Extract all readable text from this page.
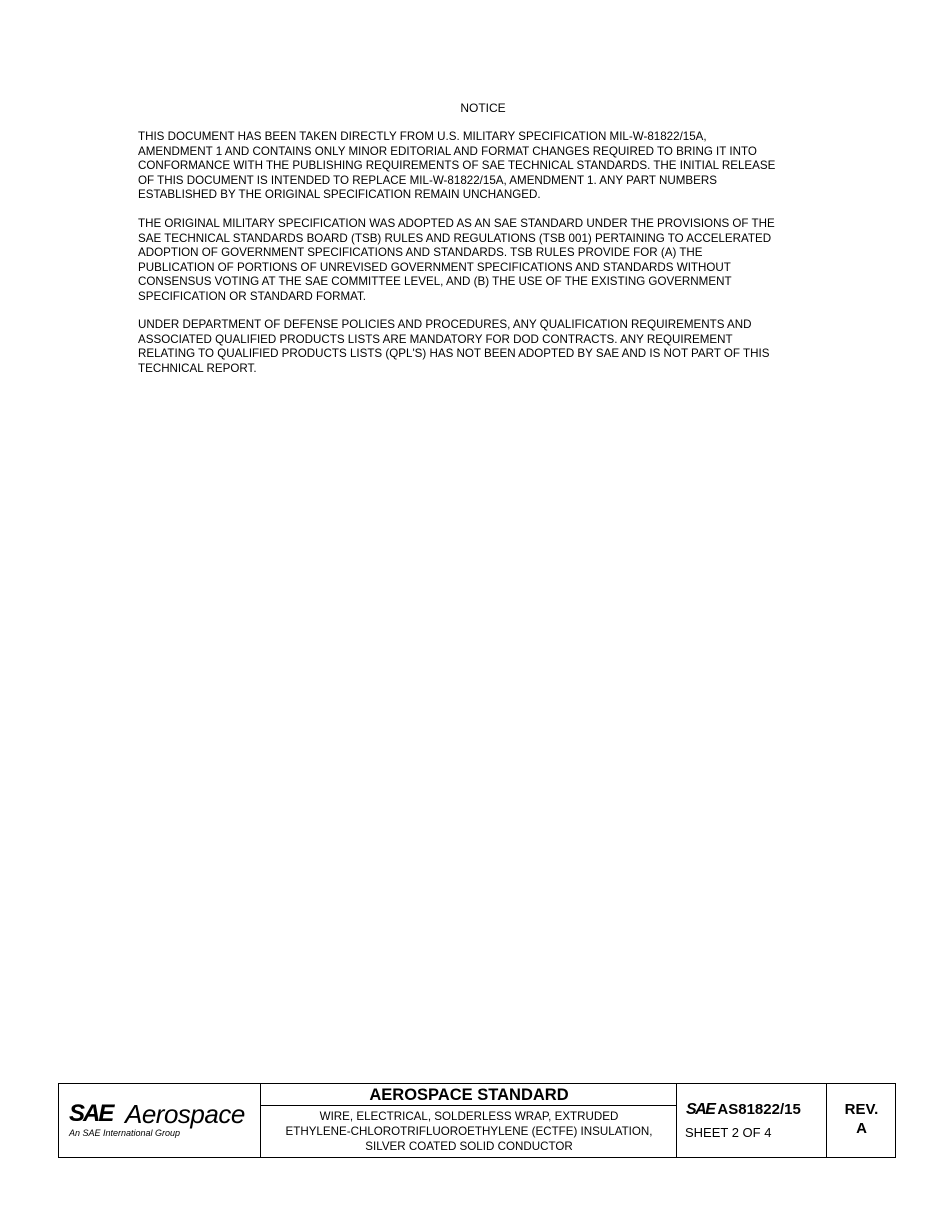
NOTICE

THIS DOCUMENT HAS BEEN TAKEN DIRECTLY FROM U.S. MILITARY SPECIFICATION MIL-W-81822/15A,
AMENDMENT 1 AND CONTAINS ONLY MINOR EDITORIAL AND FORMAT CHANGES REQUIRED TO BRING IT INTO
CONFORMANCE WITH THE PUBLISHING REQUIREMENTS OF SAE TECHNICAL STANDARDS. THE INITIAL RELEASE
OF THIS DOCUMENT IS INTENDED TO REPLACE MIL-W-81822/15A, AMENDMENT 1. ANY PART NUMBERS
ESTABLISHED BY THE ORIGINAL SPECIFICATION REMAIN UNCHANGED.

THE ORIGINAL MILITARY SPECIFICATION WAS ADOPTED AS AN SAE STANDARD UNDER THE PROVISIONS OF THE
SAE TECHNICAL STANDARDS BOARD (TSB) RULES AND REGULATIONS (TSB 001) PERTAINING TO ACCELERATED
ADOPTION OF GOVERNMENT SPECIFICATIONS AND STANDARDS. TSB RULES PROVIDE FOR (A) THE
PUBLICATION OF PORTIONS OF UNREVISED GOVERNMENT SPECIFICATIONS AND STANDARDS WITHOUT
CONSENSUS VOTING AT THE SAE COMMITTEE LEVEL, AND (B) THE USE OF THE EXISTING GOVERNMENT
SPECIFICATION OR STANDARD FORMAT.

UNDER DEPARTMENT OF DEFENSE POLICIES AND PROCEDURES, ANY QUALIFICATION REQUIREMENTS AND
ASSOCIATED QUALIFIED PRODUCTS LISTS ARE MANDATORY FOR DOD CONTRACTS. ANY REQUIREMENT
RELATING TO QUALIFIED PRODUCTS LISTS (QPL'S) HAS NOT BEEN ADOPTED BY SAE AND IS NOT PART OF THIS
TECHNICAL REPORT.

SAE Aerospace
An SAE International Group
AEROSPACE STANDARD
WIRE, ELECTRICAL, SOLDERLESS WRAP, EXTRUDED
ETHYLENE-CHLOROTRIFLUOROETHYLENE (ECTFE) INSULATION,
SILVER COATED SOLID CONDUCTOR
SAE AS81822/15
SHEET 2 OF 4
REV.
A
